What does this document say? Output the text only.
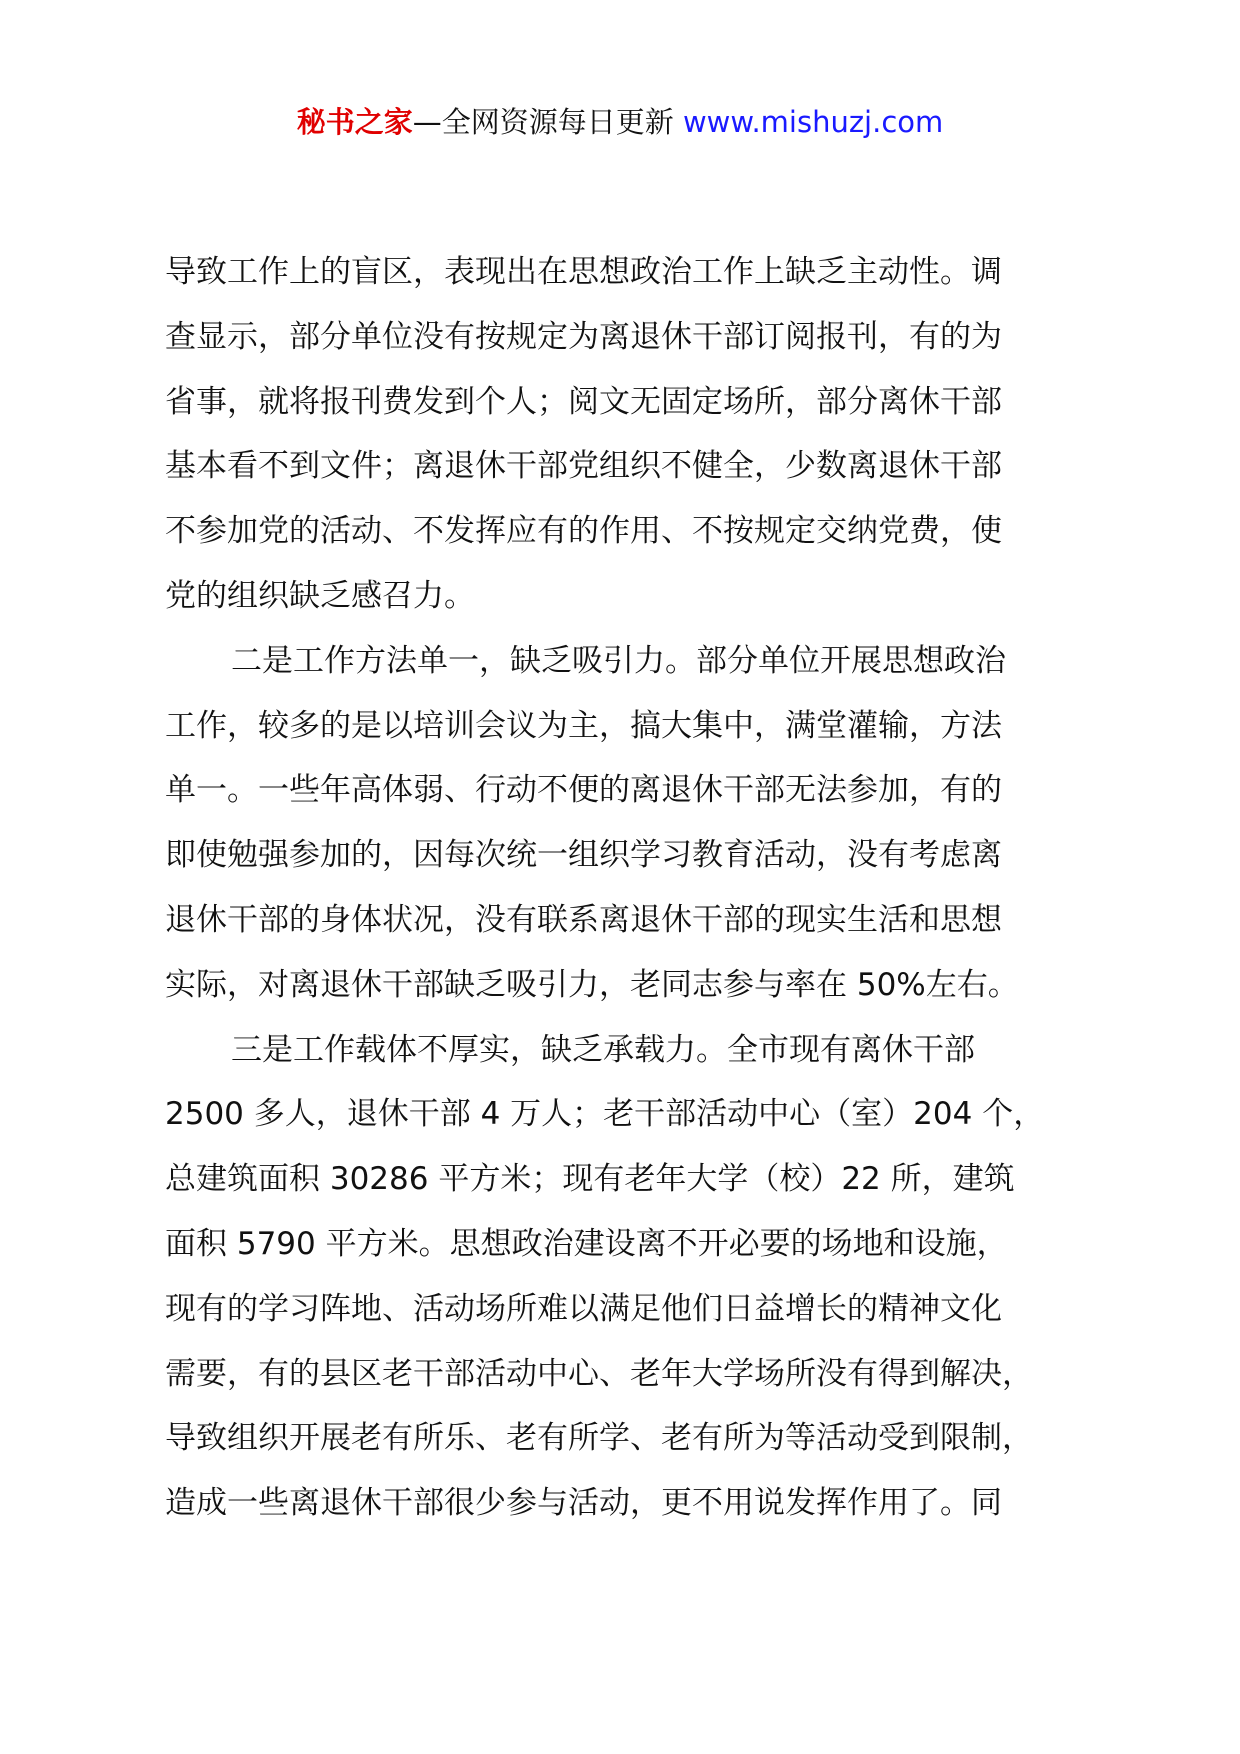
秘书之家—全网资源每日更新 www.mishuzj.com
导致工作上的盲区，表现出在思想政治工作上缺乏主动性。调
查显示，部分单位没有按规定为离退休干部订阅报刊，有的为
省事，就将报刊费发到个人；阅文无固定场所，部分离休干部
基本看不到文件；离退休干部党组织不健全，少数离退休干部
不参加党的活动、不发挥应有的作用、不按规定交纳党费，使
党的组织缺乏感召力。
二是工作方法单一，缺乏吸引力。部分单位开展思想政治
工作，较多的是以培训会议为主，搞大集中，满堂灌输，方法
单一。一些年高体弱、行动不便的离退休干部无法参加，有的
即使勉强参加的，因每次统一组织学习教育活动，没有考虑离
退休干部的身体状况，没有联系离退休干部的现实生活和思想
实际，对离退休干部缺乏吸引力，老同志参与率在 50%左右。
三是工作载体不厚实，缺乏承载力。全市现有离休干部
2500 多人，退休干部 4 万人；老干部活动中心（室）204 个，
总建筑面积 30286 平方米；现有老年大学（校）22 所，建筑
面积 5790 平方米。思想政治建设离不开必要的场地和设施，
现有的学习阵地、活动场所难以满足他们日益增长的精神文化
需要，有的县区老干部活动中心、老年大学场所没有得到解决，
导致组织开展老有所乐、老有所学、老有所为等活动受到限制，
造成一些离退休干部很少参与活动，更不用说发挥作用了。同
